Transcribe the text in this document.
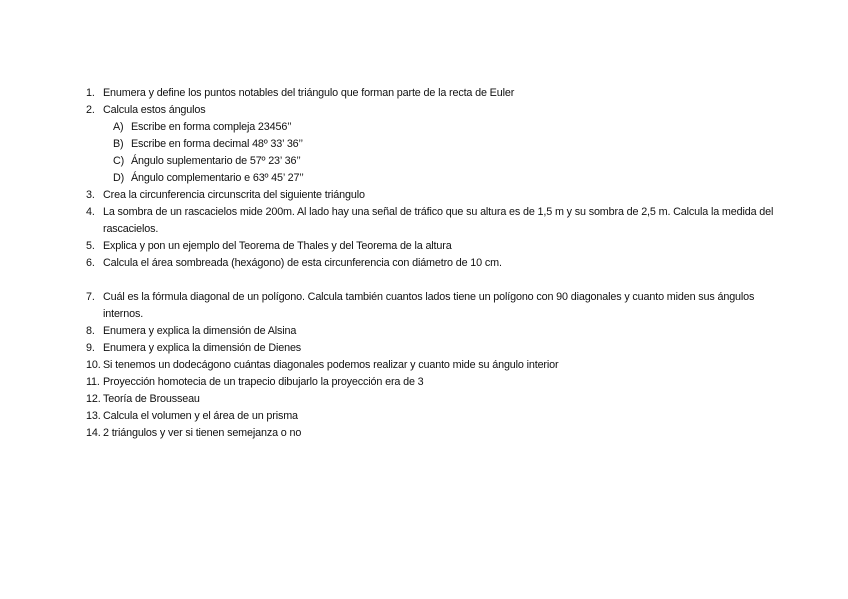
1. Enumera y define los puntos notables del triángulo que forman parte de la recta de Euler
2. Calcula estos ángulos
A) Escribe en forma compleja 23456’’
B) Escribe en forma decimal 48º 33’ 36’’
C) Ángulo suplementario de 57º 23’ 36’’
D) Ángulo complementario e 63º 45’ 27’’
3. Crea la circunferencia circunscrita del siguiente triángulo
4. La sombra de un rascacielos mide 200m. Al lado hay una señal de tráfico que su altura es de 1,5 m y su sombra de 2,5 m. Calcula la medida del rascacielos.
5. Explica y pon un ejemplo del Teorema de Thales y del Teorema de la altura
6. Calcula el área sombreada (hexágono) de esta circunferencia con diámetro de 10 cm.
7. Cuál es la fórmula diagonal de un polígono. Calcula también cuantos lados tiene un polígono con 90 diagonales y cuanto miden sus ángulos internos.
8. Enumera y explica la dimensión de Alsina
9. Enumera y explica la dimensión de Dienes
10. Si tenemos un dodecágono cuántas diagonales podemos realizar y cuanto mide su ángulo interior
11. Proyección homotecia de un trapecio dibujarlo la proyección era de 3
12. Teoría de Brousseau
13. Calcula el volumen y el área de un prisma
14. 2 triángulos y ver si tienen semejanza o no
